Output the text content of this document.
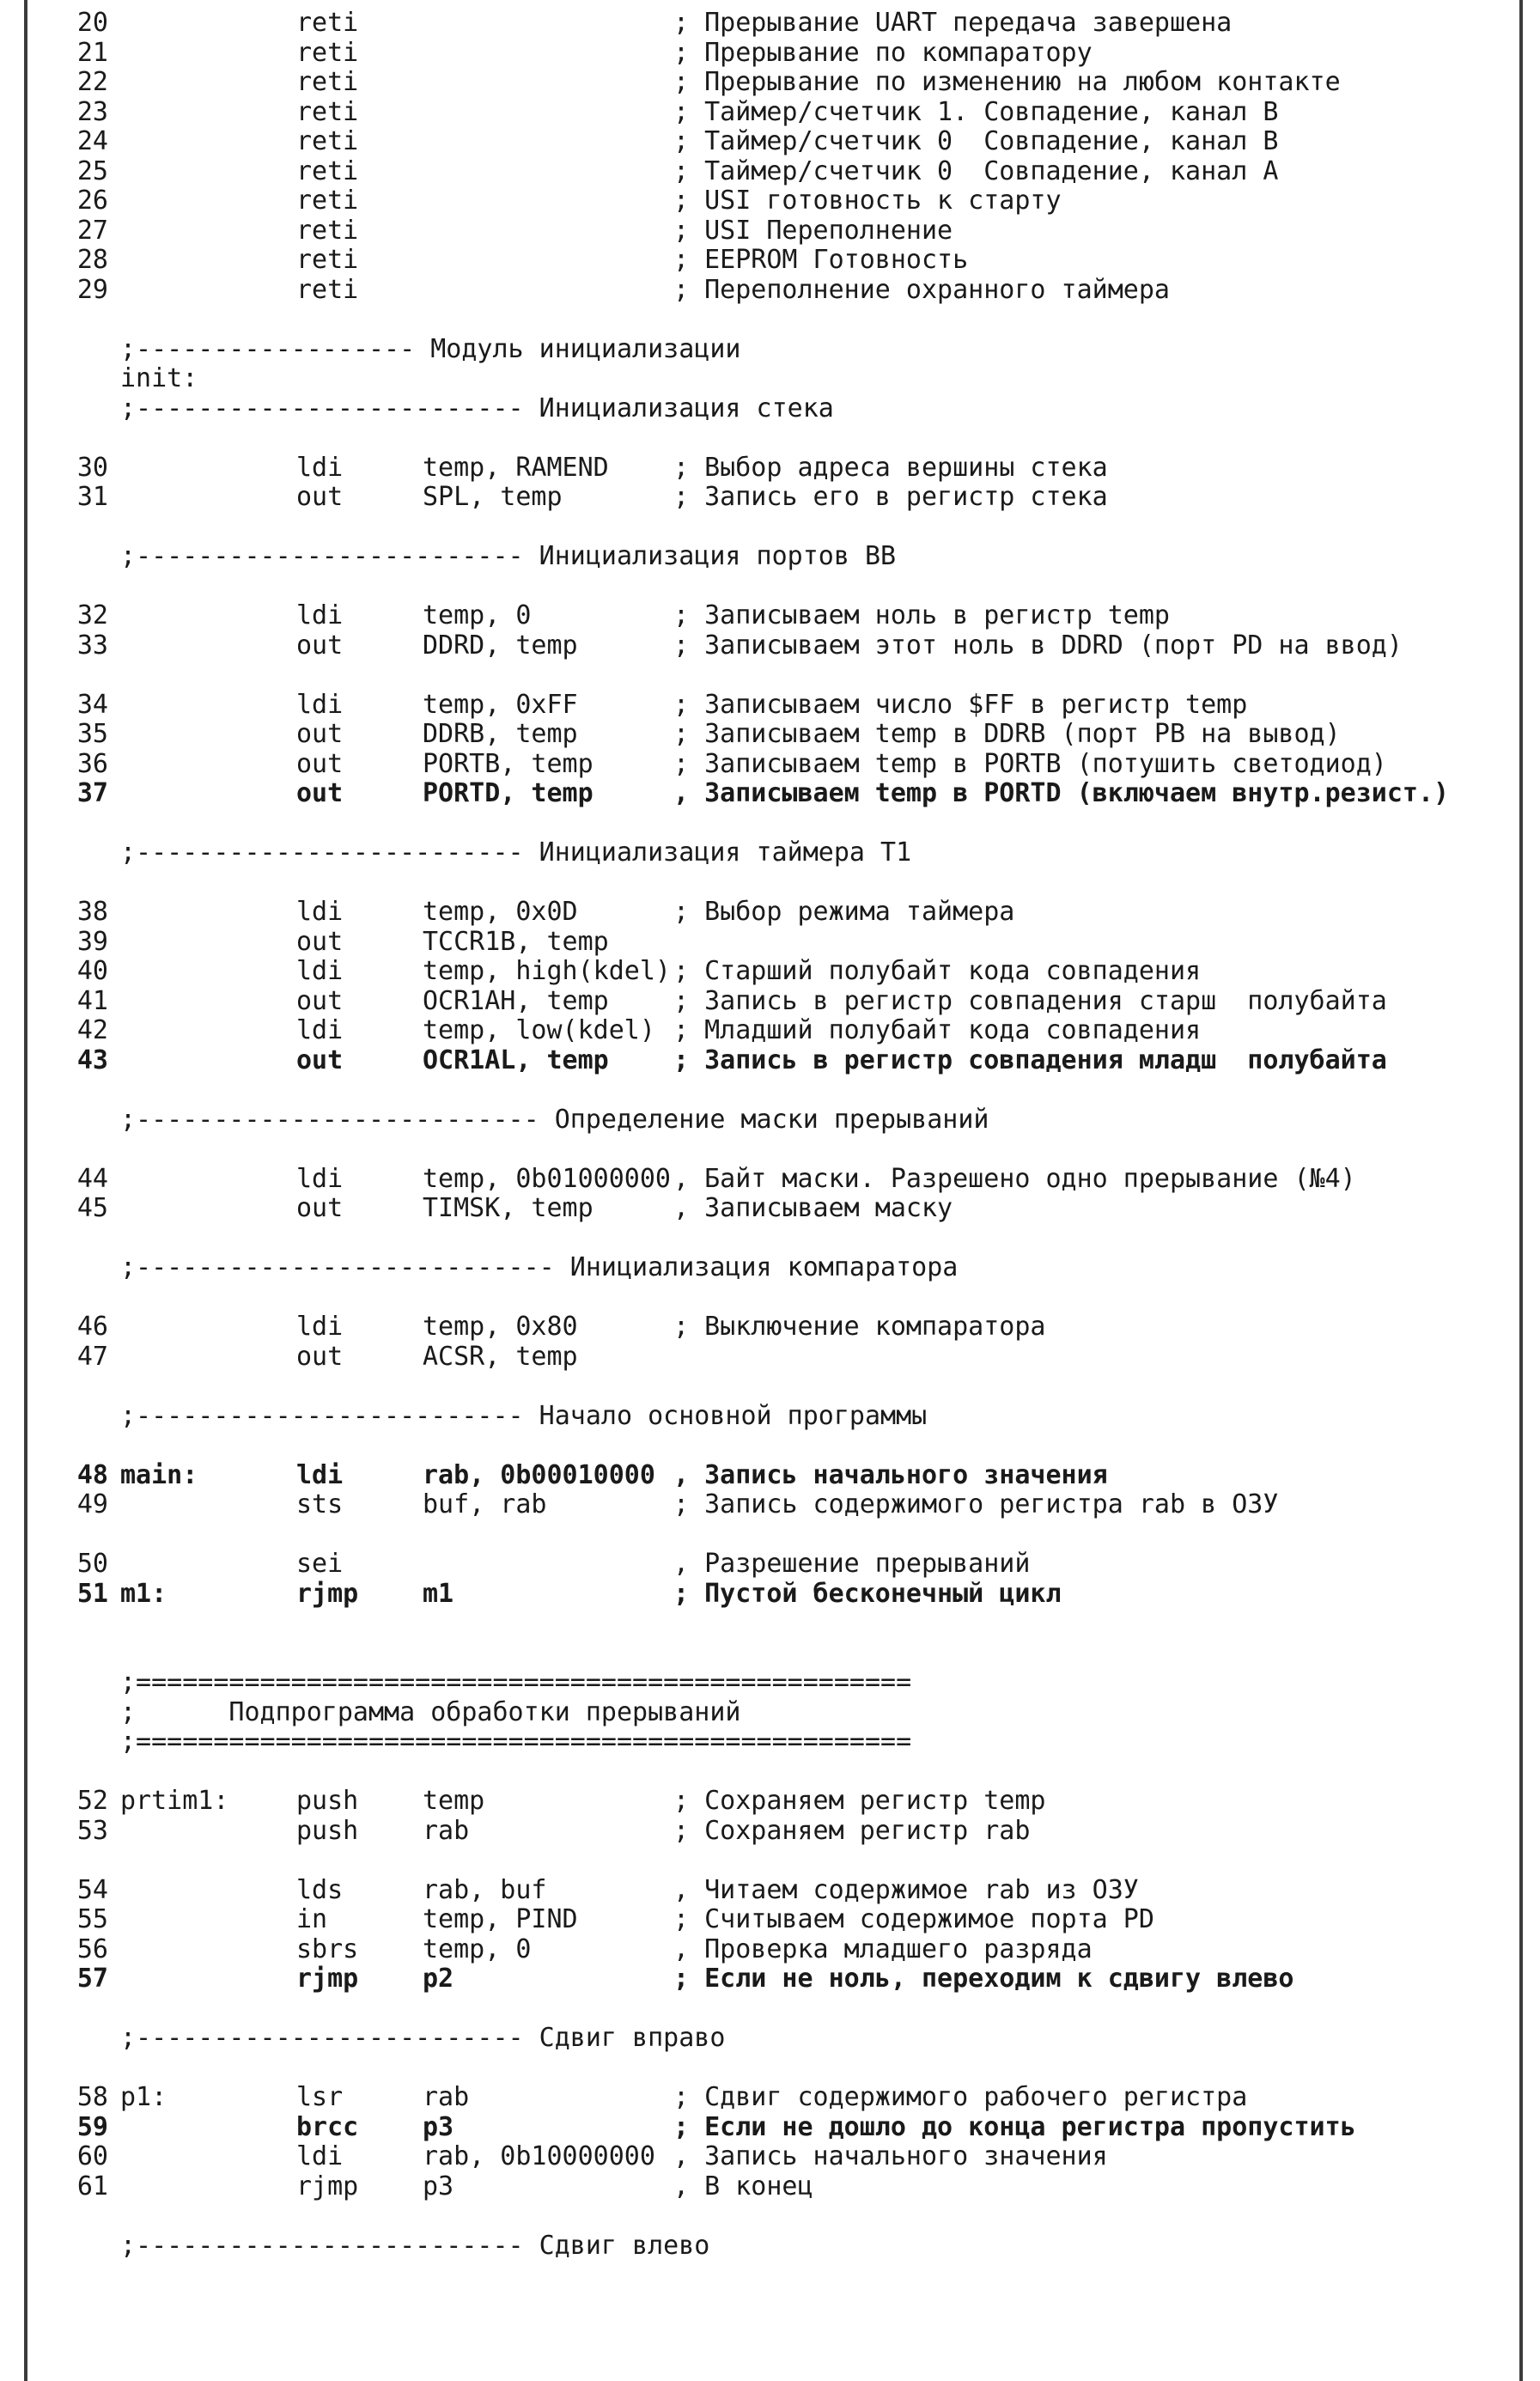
20	reti	; Прерывание UART передача завершена
21	reti	; Прерывание по компаратору
22	reti	; Прерывание по изменению на любом контакте
23	reti	; Таймер/счетчик 1. Совпадение, канал B
24	reti	; Таймер/счетчик 0  Совпадение, канал B
25	reti	; Таймер/счетчик 0  Совпадение, канал A
26	reti	; USI готовность к старту
27	reti	; USI Переполнение
28	reti	; EEPROM Готовность
29	reti	; Переполнение охранного таймера
;------------------ Модуль инициализации
init:
;------------------------- Инициализация стека
30	ldi	temp, RAMEND	; Выбор адреса вершины стека
31	out	SPL, temp	; Запись его в регистр стека
;------------------------- Инициализация портов ВВ
32	ldi	temp, 0	; Записываем ноль в регистр temp
33	out	DDRD, temp	; Записываем этот ноль в DDRD (порт PD на ввод)
34	ldi	temp, 0xFF	; Записываем число $FF в регистр temp
35	out	DDRB, temp	; Записываем temp в DDRB (порт PB на вывод)
36	out	PORTB, temp	; Записываем temp в PORTB (потушить светодиод)
37	out	PORTD, temp	, Записываем temp в PORTD (включаем внутр.резист.)
;------------------------- Инициализация таймера T1
38	ldi	temp, 0x0D	; Выбор режима таймера
39	out	TCCR1B, temp
40	ldi	temp, high(kdel) ; Старший полубайт кода совпадения
41	out	OCR1AH, temp	; Запись в регистр совпадения старш  полубайта
42	ldi	temp, low(kdel) ; Младший полубайт кода совпадения
43	out	OCR1AL, temp	; Запись в регистр совпадения младш  полубайта
;-------------------------- Определение маски прерываний
44	ldi	temp, 0b01000000 , Байт маски. Разрешено одно прерывание (№4)
45	out	TIMSK, temp	, Записываем маску
;--------------------------- Инициализация компаратора
46	ldi	temp, 0x80	; Выключение компаратора
47	out	ACSR, temp
;------------------------- Начало основной программы
48 main:	ldi	rab, 0b00010000 , Запись начального значения
49	sts	buf, rab	; Запись содержимого регистра rab в ОЗУ
50	sei	, Разрешение прерываний
51 m1:	rjmp m1	; Пустой бесконечный цикл
;==================================================
;      Подпрограмма обработки прерываний
;==================================================
52 prtim1:	push temp	; Сохраняем регистр temp
53	push rab	; Сохраняем регистр rab
54	lds	rab, buf	, Читаем содержимое rab из ОЗУ
55	in	temp, PIND	; Считываем содержимое порта PD
56	sbrs temp, 0	, Проверка младшего разряда
57	rjmp p2	; Если не ноль, переходим к сдвигу влево
;------------------------- Сдвиг вправо
58 p1:	lsr	rab	; Сдвиг содержимого рабочего регистра
59	brcc p3	; Если не дошло до конца регистра пропустить
60	ldi	rab, 0b10000000 , Запись начального значения
61	rjmp p3	, В конец
;------------------------- Сдвиг влево
